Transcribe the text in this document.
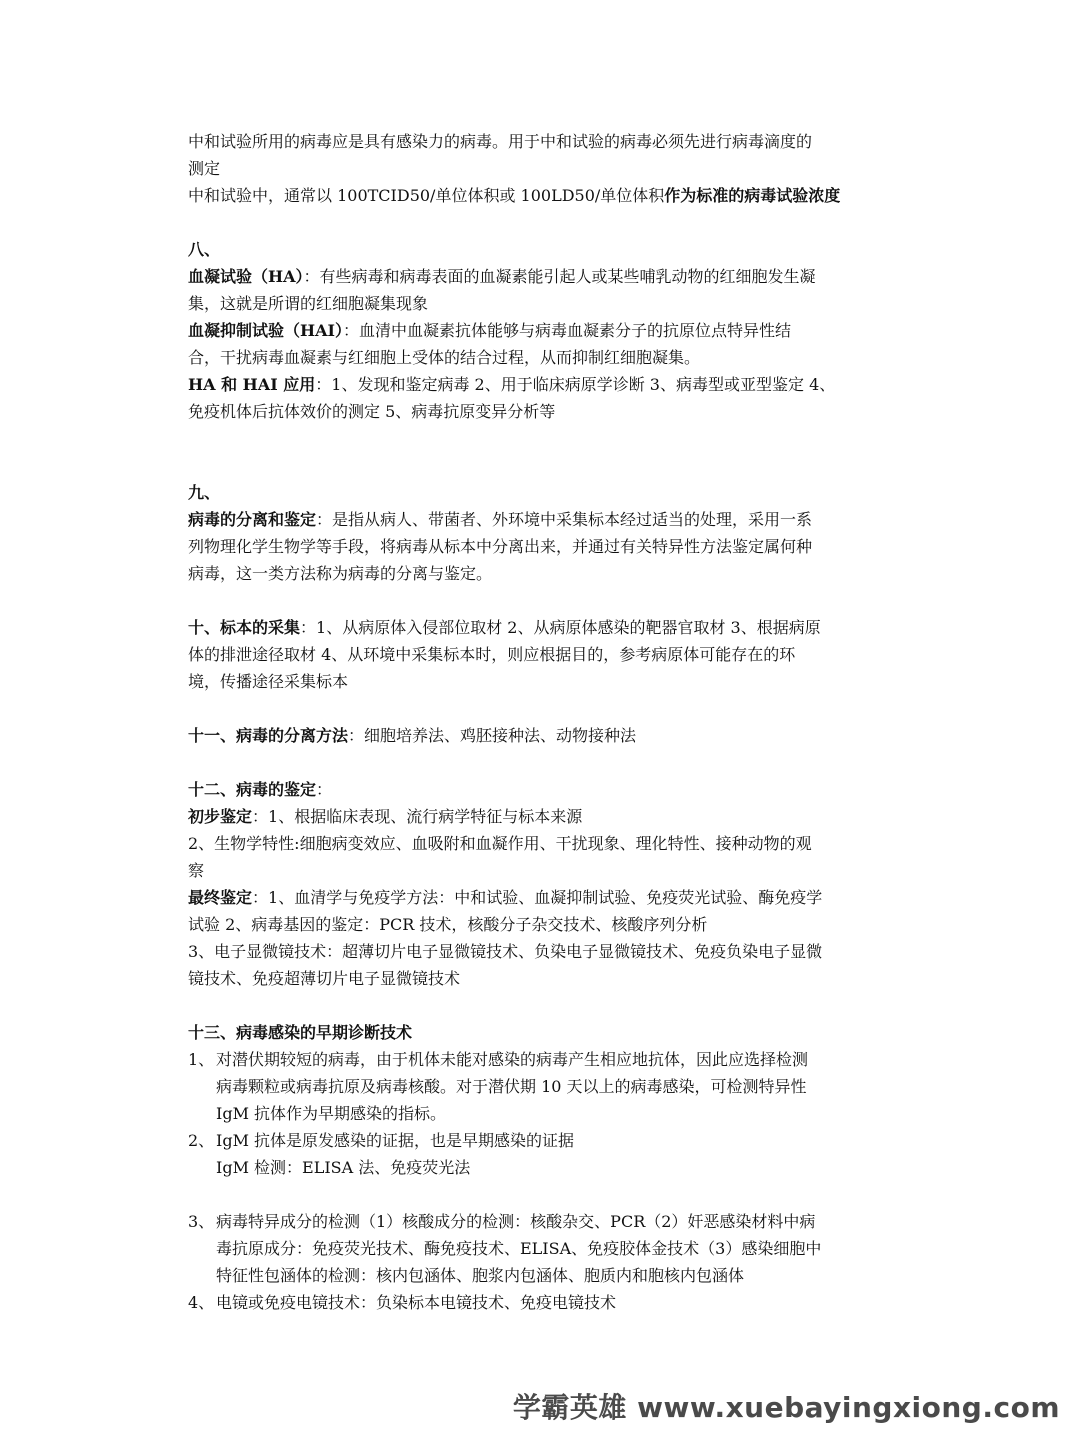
中和试验所用的病毒应是具有感染力的病毒。用于中和试验的病毒必须先进行病毒滴度的
测定
中和试验中，通常以 100TCID50/单位体积或 100LD50/单位体积作为标准的病毒试验浓度
八、
血凝试验（HA）：有些病毒和病毒表面的血凝素能引起人或某些哺乳动物的红细胞发生凝
集，这就是所谓的红细胞凝集现象
血凝抑制试验（HAI）：血清中血凝素抗体能够与病毒血凝素分子的抗原位点特异性结
合，干扰病毒血凝素与红细胞上受体的结合过程，从而抑制红细胞凝集。
HA 和 HAI 应用：1、发现和鉴定病毒 2、用于临床病原学诊断 3、病毒型或亚型鉴定 4、
免疫机体后抗体效价的测定 5、病毒抗原变异分析等
九、
病毒的分离和鉴定：是指从病人、带菌者、外环境中采集标本经过适当的处理，采用一系
列物理化学生物学等手段，将病毒从标本中分离出来，并通过有关特异性方法鉴定属何种
病毒，这一类方法称为病毒的分离与鉴定。
十、标本的采集：1、从病原体入侵部位取材 2、从病原体感染的靶器官取材 3、根据病原
体的排泄途径取材 4、从环境中采集标本时，则应根据目的，参考病原体可能存在的环
境，传播途径采集标本
十一、病毒的分离方法：细胞培养法、鸡胚接种法、动物接种法
十二、病毒的鉴定：
初步鉴定：1、根据临床表现、流行病学特征与标本来源
2、生物学特性:细胞病变效应、血吸附和血凝作用、干扰现象、理化特性、接种动物的观
察
最终鉴定：1、血清学与免疫学方法：中和试验、血凝抑制试验、免疫荧光试验、酶免疫学
试验 2、病毒基因的鉴定：PCR 技术，核酸分子杂交技术、核酸序列分析
3、电子显微镜技术：超薄切片电子显微镜技术、负染电子显微镜技术、免疫负染电子显微
镜技术、免疫超薄切片电子显微镜技术
十三、病毒感染的早期诊断技术
1、 对潜伏期较短的病毒，由于机体未能对感染的病毒产生相应地抗体，因此应选择检测
病毒颗粒或病毒抗原及病毒核酸。对于潜伏期 10 天以上的病毒感染，可检测特异性
IgM 抗体作为早期感染的指标。
2、 IgM 抗体是原发感染的证据，也是早期感染的证据
IgM 检测：ELISA 法、免疫荧光法
3、 病毒特异成分的检测（1）核酸成分的检测：核酸杂交、PCR（2）奸恶感染材料中病
毒抗原成分：免疫荧光技术、酶免疫技术、ELISA、免疫胶体金技术（3）感染细胞中
特征性包涵体的检测：核内包涵体、胞浆内包涵体、胞质内和胞核内包涵体
4、 电镜或免疫电镜技术：负染标本电镜技术、免疫电镜技术
学霸英雄 www.xuebayingxiong.com
